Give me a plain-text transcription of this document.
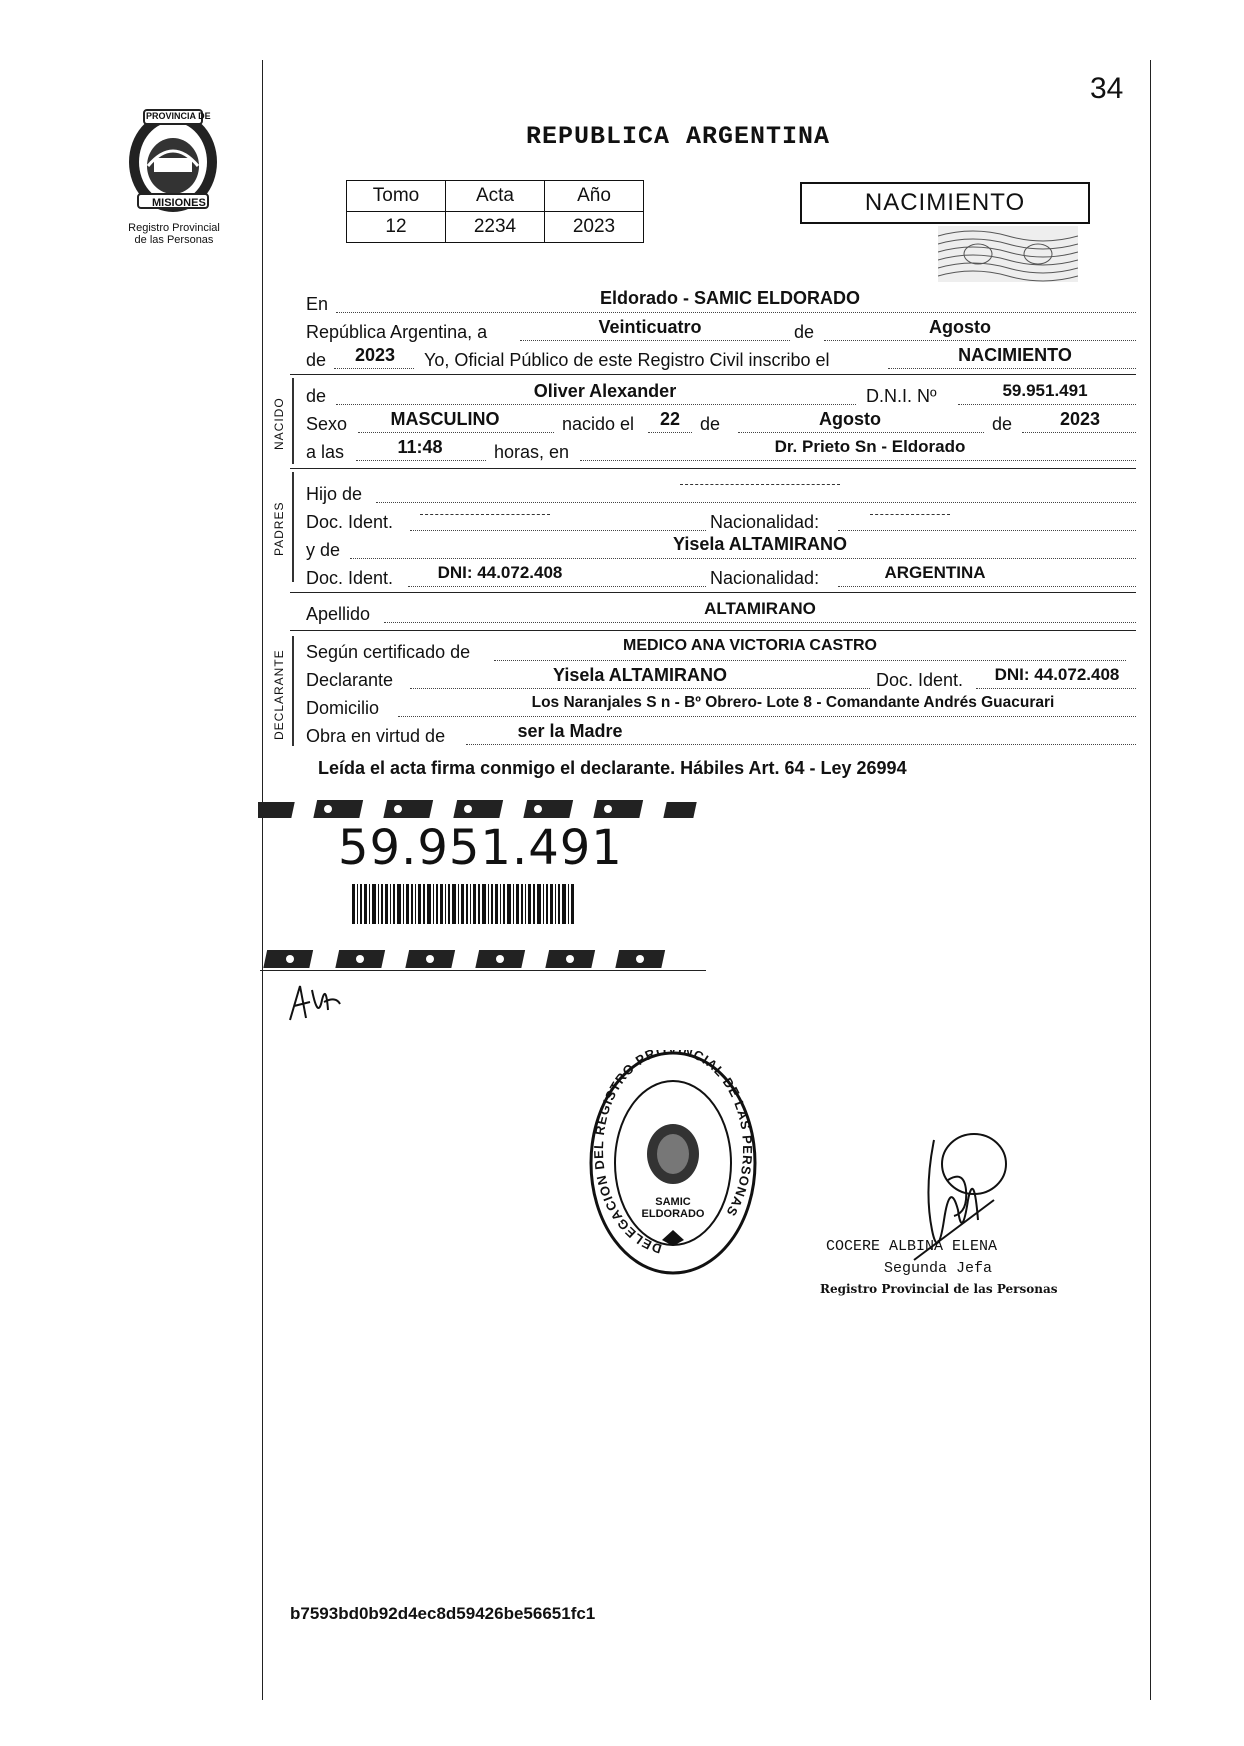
34
PROVINCIA DE
MISIONES
Registro Provincial
de las Personas
REPUBLICA ARGENTINA
Tomo	Acta	Año
12	2234	2023
NACIMIENTO
En	Eldorado - SAMIC ELDORADO
República Argentina, a	Veinticuatro	de	Agosto
de	2023	Yo, Oficial Público de este Registro Civil inscribo el	NACIMIENTO
NACIDO
de	Oliver Alexander	D.N.I. Nº	59.951.491
Sexo	MASCULINO	nacido el	22	de	Agosto	de	2023
a las	11:48	horas, en	Dr. Prieto Sn - Eldorado
PADRES
Hijo de
Doc. Ident.	Nacionalidad:
y de	Yisela ALTAMIRANO
Doc. Ident.	DNI: 44.072.408	Nacionalidad:	ARGENTINA
Apellido	ALTAMIRANO
DECLARANTE Según certificado de	MEDICO ANA VICTORIA CASTRO
Declarante	Yisela ALTAMIRANO	Doc. Ident.	DNI: 44.072.408
Domicilio	Los Naranjales S n - Bº Obrero- Lote 8 - Comandante Andrés Guacurari
Obra en virtud de	ser la Madre
Leída el acta firma conmigo el declarante. Hábiles Art. 64 - Ley 26994
59.951.491
DELEGACION DEL REGISTRO PRO INCIAL DE LAS PERSONAS
SAMIC ELDORADO
COCERE ALBINA ELENA
Segunda Jefa
Registro Provincial de las Personas
b7593bd0b92d4ec8d59426be56651fc1
